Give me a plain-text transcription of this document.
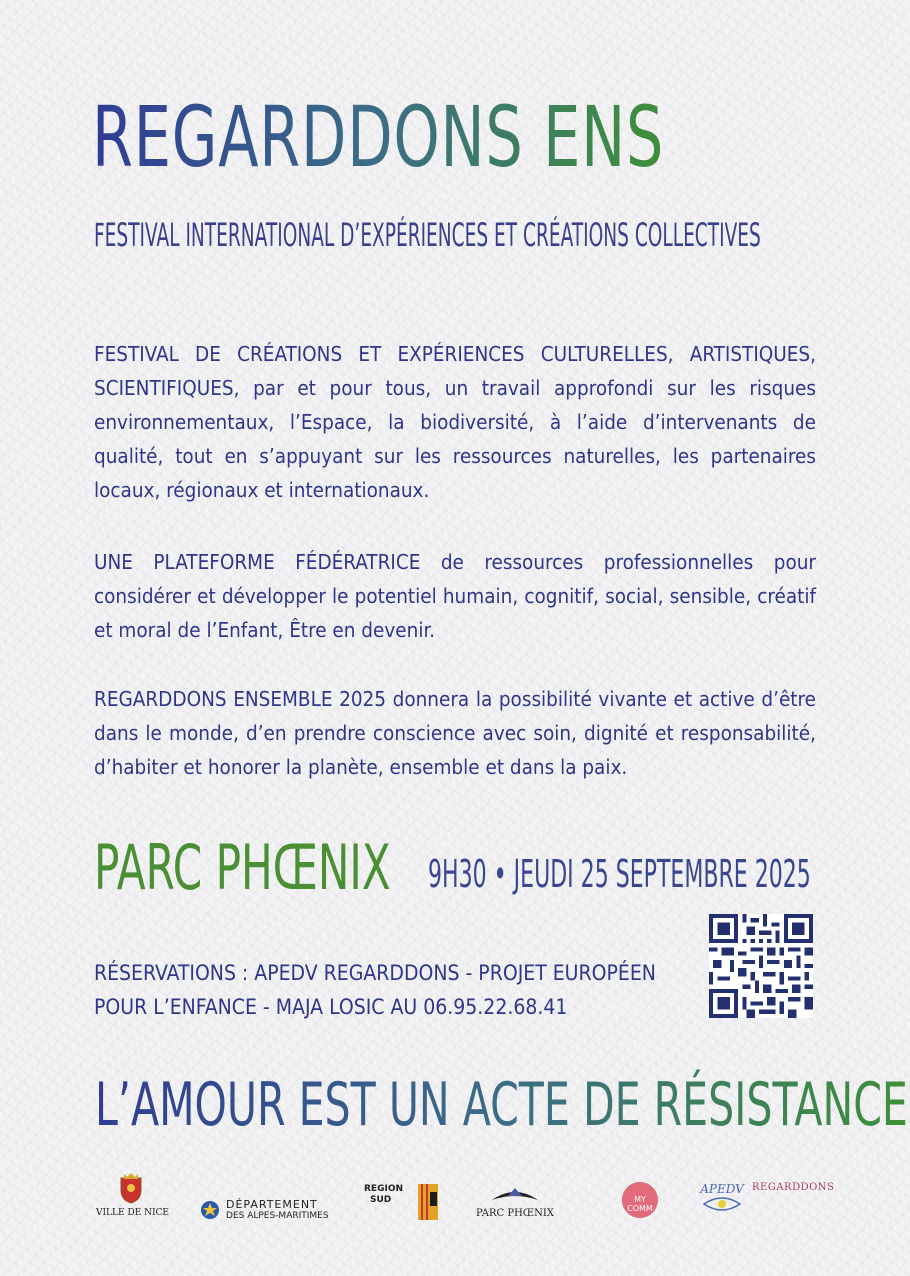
REGARDDONS ENSEMBLE
FESTIVAL INTERNATIONAL D’EXPÉRIENCES ET CRÉATIONS COLLECTIVES
FESTIVAL DE CRÉATIONS ET EXPÉRIENCES CULTURELLES, ARTISTIQUES, SCIENTIFIQUES, par et pour tous, un travail approfondi sur les risques environnementaux, l’Espace, la biodiversité, à l’aide d’intervenants de qualité, tout en s’appuyant sur les ressources naturelles, les partenaires locaux, régionaux et internationaux.
UNE PLATEFORME FÉDÉRATRICE de ressources professionnelles pour considérer et développer le potentiel humain, cognitif, social, sensible, créatif et moral de l’Enfant, Être en devenir.
REGARDDONS ENSEMBLE 2025 donnera la possibilité vivante et active d’être dans le monde, d’en prendre conscience avec soin, dignité et responsabilité, d’habiter et honorer la planète, ensemble et dans la paix.
PARC PHŒNIX 9H30 • JEUDI 25 SEPTEMBRE 2025
RÉSERVATIONS : APEDV REGARDDONS - PROJET EUROPÉEN POUR L’ENFANCE - MAJA LOSIC AU 06.95.22.68.41
L’AMOUR EST UN ACTE DE RÉSISTANCE
VILLE DE NICE
DÉPARTEMENT
DES ALPES-MARITIMES
REGION
SUD
PARC PHŒNIX
MY COMM
APEDV REGARDDONS
